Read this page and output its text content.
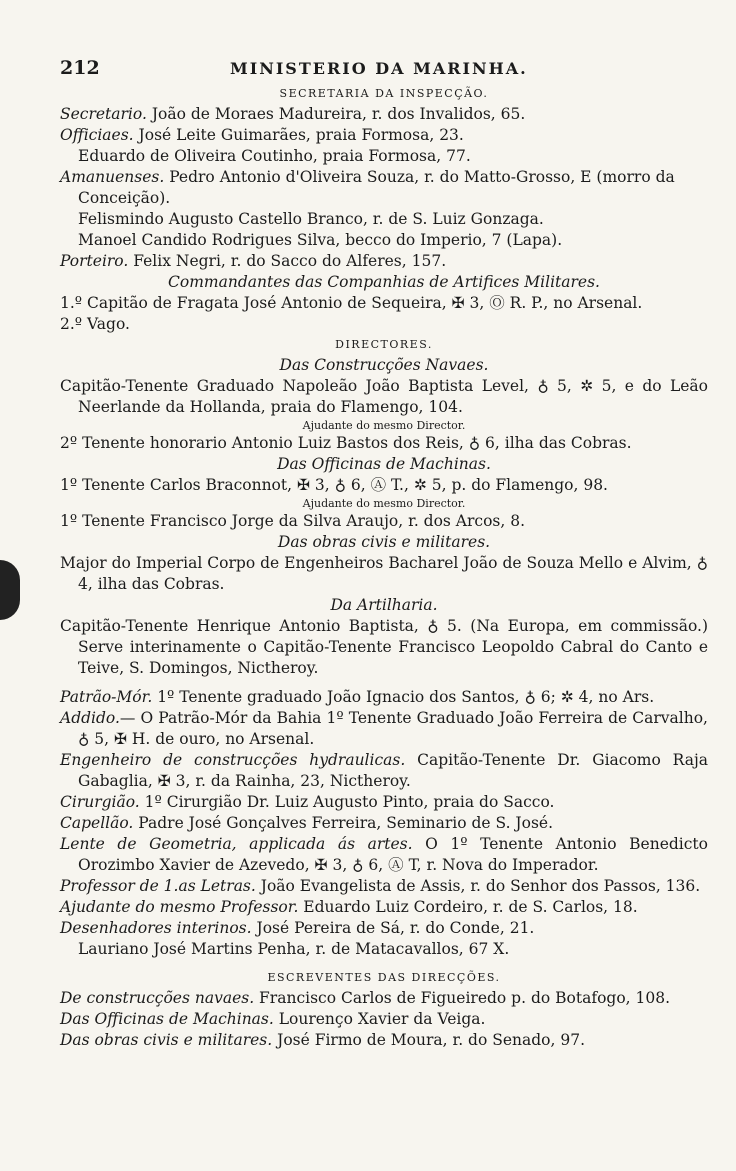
212	MINISTERIO DA MARINHA.
SECRETARIA DA INSPECÇÃO.
Secretario. João de Moraes Madureira, r. dos Invalidos, 65.
Officiaes. José Leite Guimarães, praia Formosa, 23.
Eduardo de Oliveira Coutinho, praia Formosa, 77.
Amanuenses. Pedro Antonio d'Oliveira Souza, r. do Matto-Grosso, E (morro da Conceição).
Felismindo Augusto Castello Branco, r. de S. Luiz Gonzaga.
Manoel Candido Rodrigues Silva, becco do Imperio, 7 (Lapa).
Porteiro. Felix Negri, r. do Sacco do Alferes, 157.
Commandantes das Companhias de Artifices Militares.
1.º Capitão de Fragata José Antonio de Sequeira, ✠ 3, Ⓞ R. P., no Arsenal.
2.º Vago.
DIRECTORES.
Das Construcções Navaes.
Capitão-Tenente Graduado Napoleão João Baptista Level, ♁ 5, ✲ 5, e do Leão Neerlande da Hollanda, praia do Flamengo, 104.
Ajudante do mesmo Director.
2º Tenente honorario Antonio Luiz Bastos dos Reis, ♁ 6, ilha das Cobras.
Das Officinas de Machinas.
1º Tenente Carlos Braconnot, ✠ 3, ♁ 6, Ⓐ T., ✲ 5, p. do Flamengo, 98.
Ajudante do mesmo Director.
1º Tenente Francisco Jorge da Silva Araujo, r. dos Arcos, 8.
Das obras civis e militares.
Major do Imperial Corpo de Engenheiros Bacharel João de Souza Mello e Alvim, ♁ 4, ilha das Cobras.
Da Artilharia.
Capitão-Tenente Henrique Antonio Baptista, ♁ 5. (Na Europa, em commissão.) Serve interinamente o Capitão-Tenente Francisco Leopoldo Cabral do Canto e Teive, S. Domingos, Nictheroy.
Patrão-Mór. 1º Tenente graduado João Ignacio dos Santos, ♁ 6; ✲ 4, no Ars.
Addido.— O Patrão-Mór da Bahia 1º Tenente Graduado João Ferreira de Carvalho, ♁ 5, ✠ H. de ouro, no Arsenal.
Engenheiro de construcções hydraulicas. Capitão-Tenente Dr. Giacomo Raja Gabaglia, ✠ 3, r. da Rainha, 23, Nictheroy.
Cirurgião. 1º Cirurgião Dr. Luiz Augusto Pinto, praia do Sacco.
Capellão. Padre José Gonçalves Ferreira, Seminario de S. José.
Lente de Geometria, applicada ás artes. O 1º Tenente Antonio Benedicto Orozimbo Xavier de Azevedo, ✠ 3, ♁ 6, Ⓐ T, r. Nova do Imperador.
Professor de 1.as Letras. João Evangelista de Assis, r. do Senhor dos Passos, 136.
Ajudante do mesmo Professor. Eduardo Luiz Cordeiro, r. de S. Carlos, 18.
Desenhadores interinos. José Pereira de Sá, r. do Conde, 21.
Lauriano José Martins Penha, r. de Matacavallos, 67 X.
ESCREVENTES DAS DIRECÇÕES.
De construcções navaes. Francisco Carlos de Figueiredo p. do Botafogo, 108.
Das Officinas de Machinas. Lourenço Xavier da Veiga.
Das obras civis e militares. José Firmo de Moura, r. do Senado, 97.
